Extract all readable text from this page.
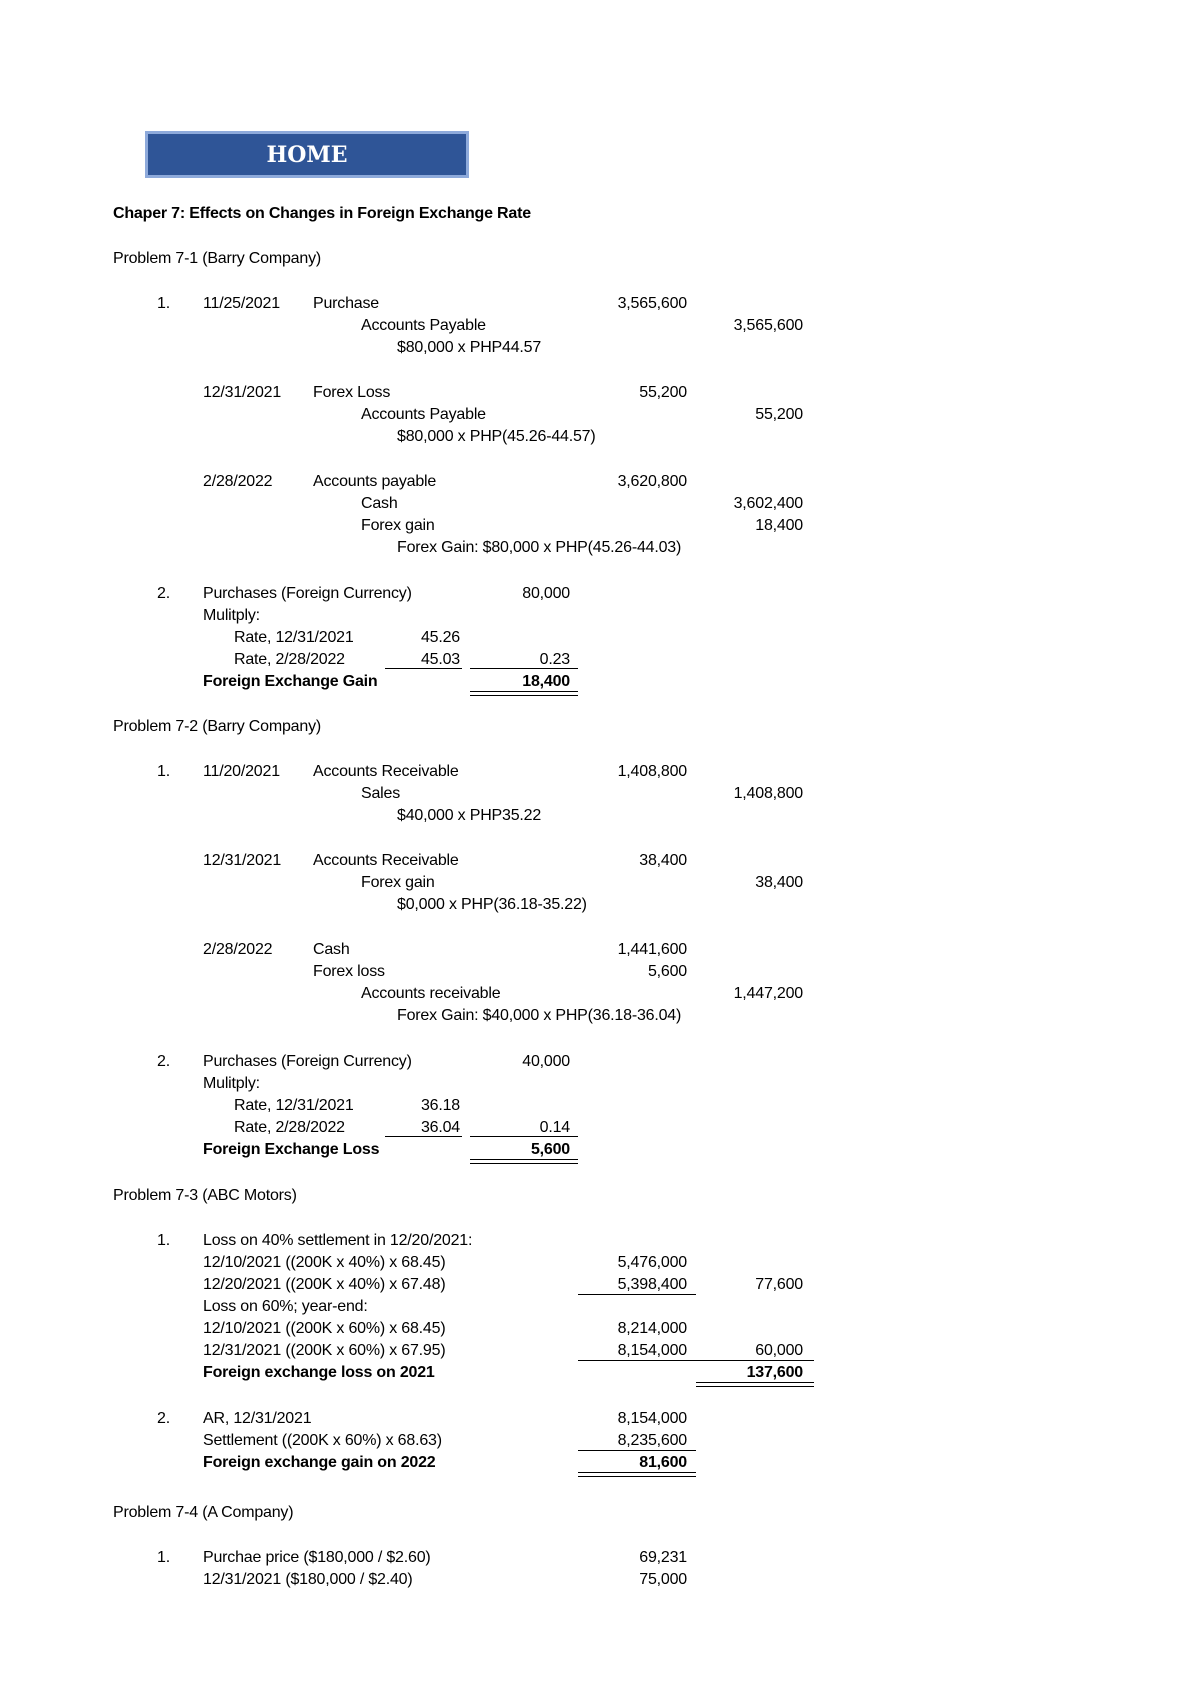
HOME
Chaper 7: Effects on Changes in Foreign Exchange Rate
Problem 7-1 (Barry Company)
1. 11/25/2021 Purchase	3,565,600
Accounts Payable	3,565,600
$80,000 x PHP44.57
12/31/2021 Forex Loss	55,200
Accounts Payable	55,200
$80,000 x PHP(45.26-44.57)
2/28/2022	Accounts payable	3,620,800
Cash	3,602,400
Forex gain	18,400
Forex Gain: $80,000 x PHP(45.26-44.03)
2. Purchases (Foreign Currency)	80,000
Mulitply:
Rate, 12/31/2021	45.26
Rate, 2/28/2022	45.03	0.23
Foreign Exchange Gain	18,400
Problem 7-2 (Barry Company)
1. 11/20/2021 Accounts Receivable	1,408,800
Sales	1,408,800
$40,000 x PHP35.22
12/31/2021 Accounts Receivable	38,400
Forex gain	38,400
$0,000 x PHP(36.18-35.22)
2/28/2022	Cash	1,441,600
Forex loss	5,600
Accounts receivable	1,447,200
Forex Gain: $40,000 x PHP(36.18-36.04)
2. Purchases (Foreign Currency)	40,000
Mulitply:
Rate, 12/31/2021	36.18
Rate, 2/28/2022	36.04	0.14
Foreign Exchange Loss	5,600
Problem 7-3 (ABC Motors)
1. Loss on 40% settlement in 12/20/2021:
12/10/2021 ((200K x 40%) x 68.45)	5,476,000
12/20/2021 ((200K x 40%) x 67.48)	5,398,400	77,600
Loss on 60%; year-end:
12/10/2021 ((200K x 60%) x 68.45)	8,214,000
12/31/2021 ((200K x 60%) x 67.95)	8,154,000	60,000
Foreign exchange loss on 2021	137,600
2. AR, 12/31/2021	8,154,000
Settlement ((200K x 60%) x 68.63)	8,235,600
Foreign exchange gain on 2022	81,600
Problem 7-4 (A Company)
1. Purchae price ($180,000 / $2.60)	69,231
12/31/2021 ($180,000 / $2.40)	75,000
